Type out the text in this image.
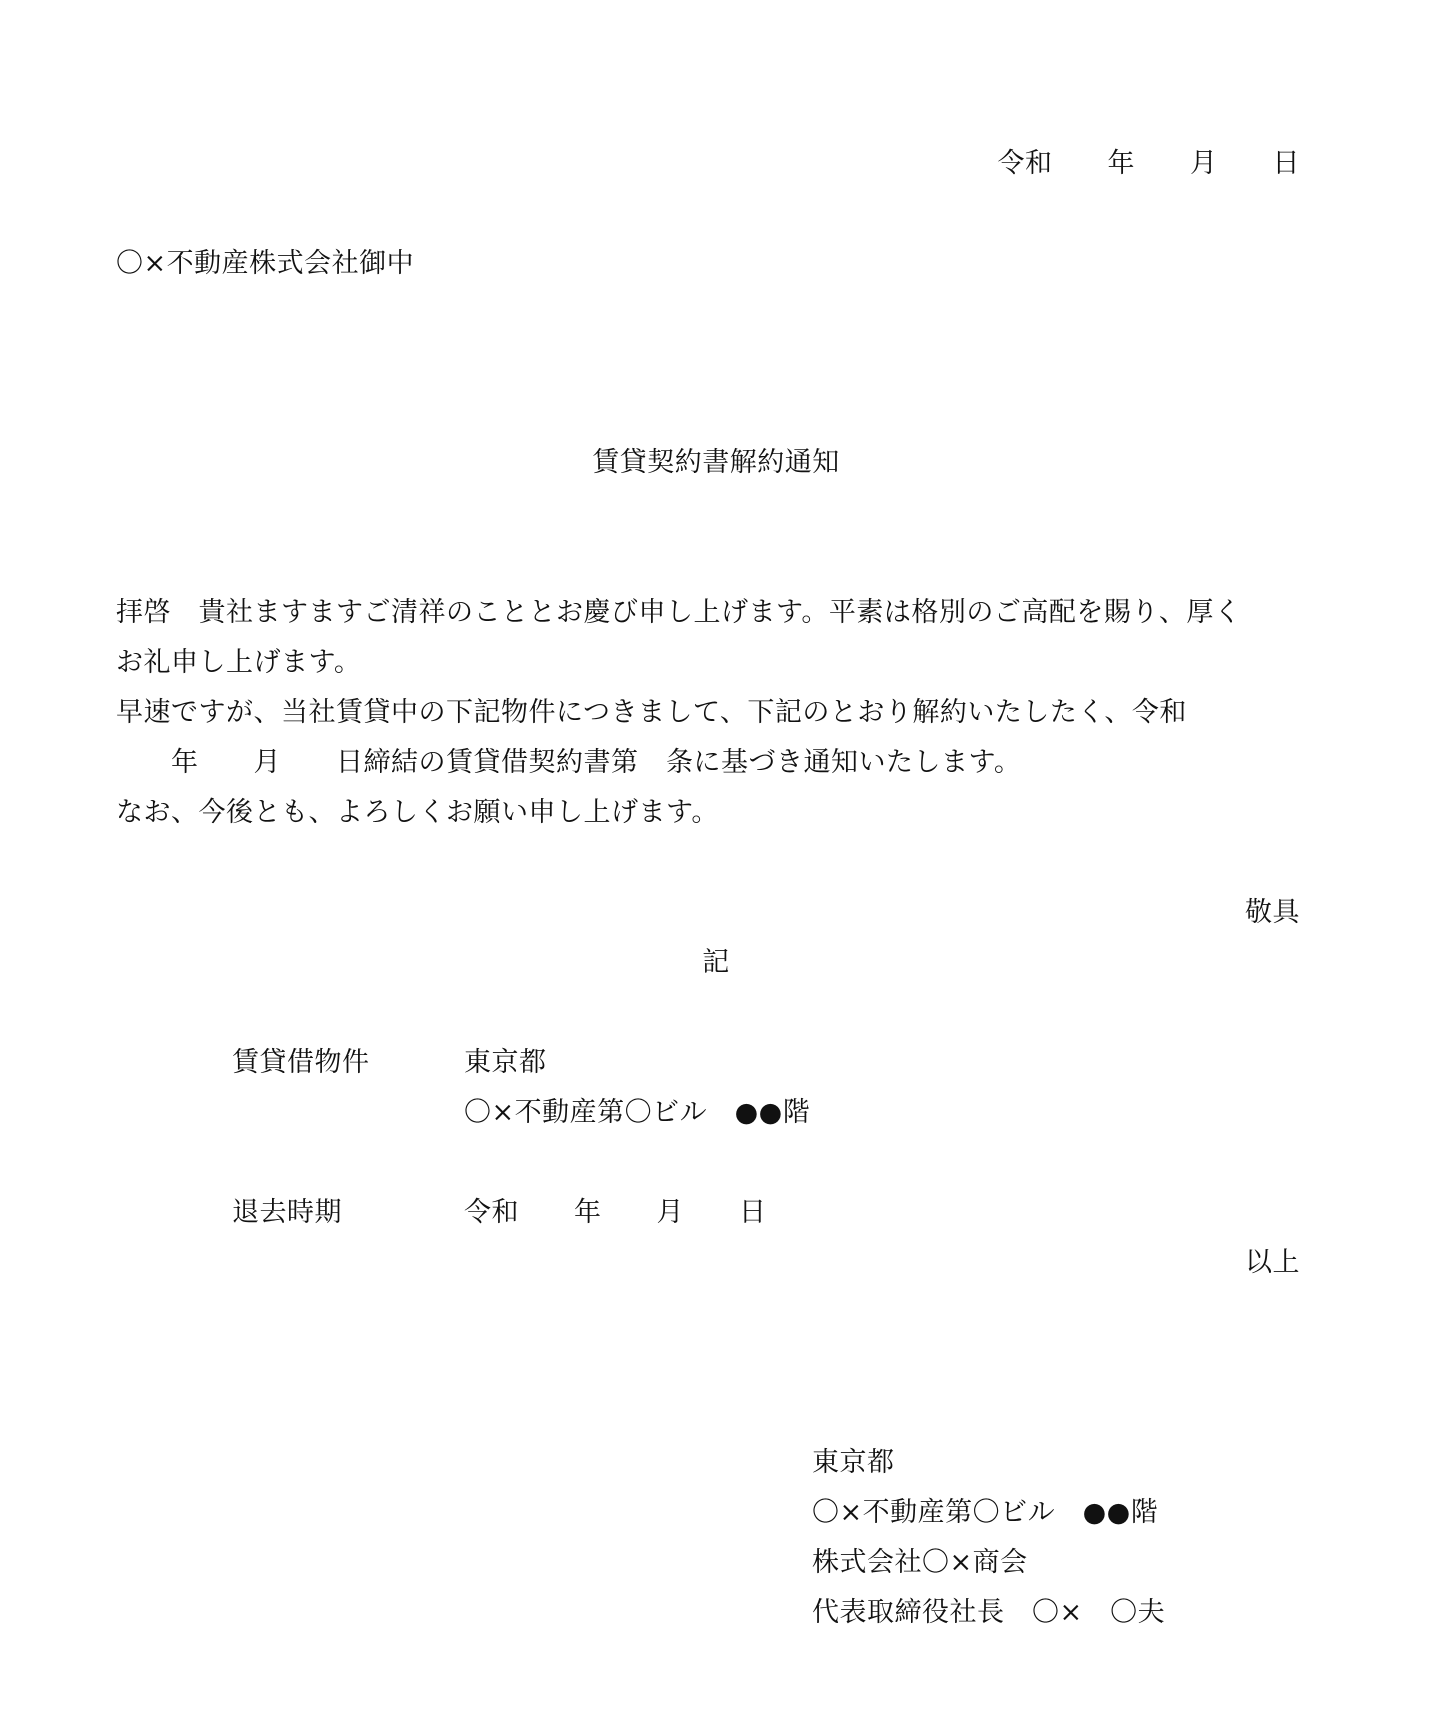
令和　　年　　月　　日
〇×不動産株式会社御中
賃貸契約書解約通知
拝啓　貴社ますますご清祥のこととお慶び申し上げます。平素は格別のご高配を賜り、厚く
お礼申し上げます。
早速ですが、当社賃貸中の下記物件につきまして、下記のとおり解約いたしたく、令和
　　年　　月　　日締結の賃貸借契約書第　条に基づき通知いたします。
なお、今後とも、よろしくお願い申し上げます。
敬具
記
賃貸借物件	東京都
〇×不動産第〇ビル　●●階
退去時期	令和　　年　　月　　日
以上
東京都
〇×不動産第〇ビル　●●階
株式会社〇×商会
代表取締役社長　〇×　〇夫
